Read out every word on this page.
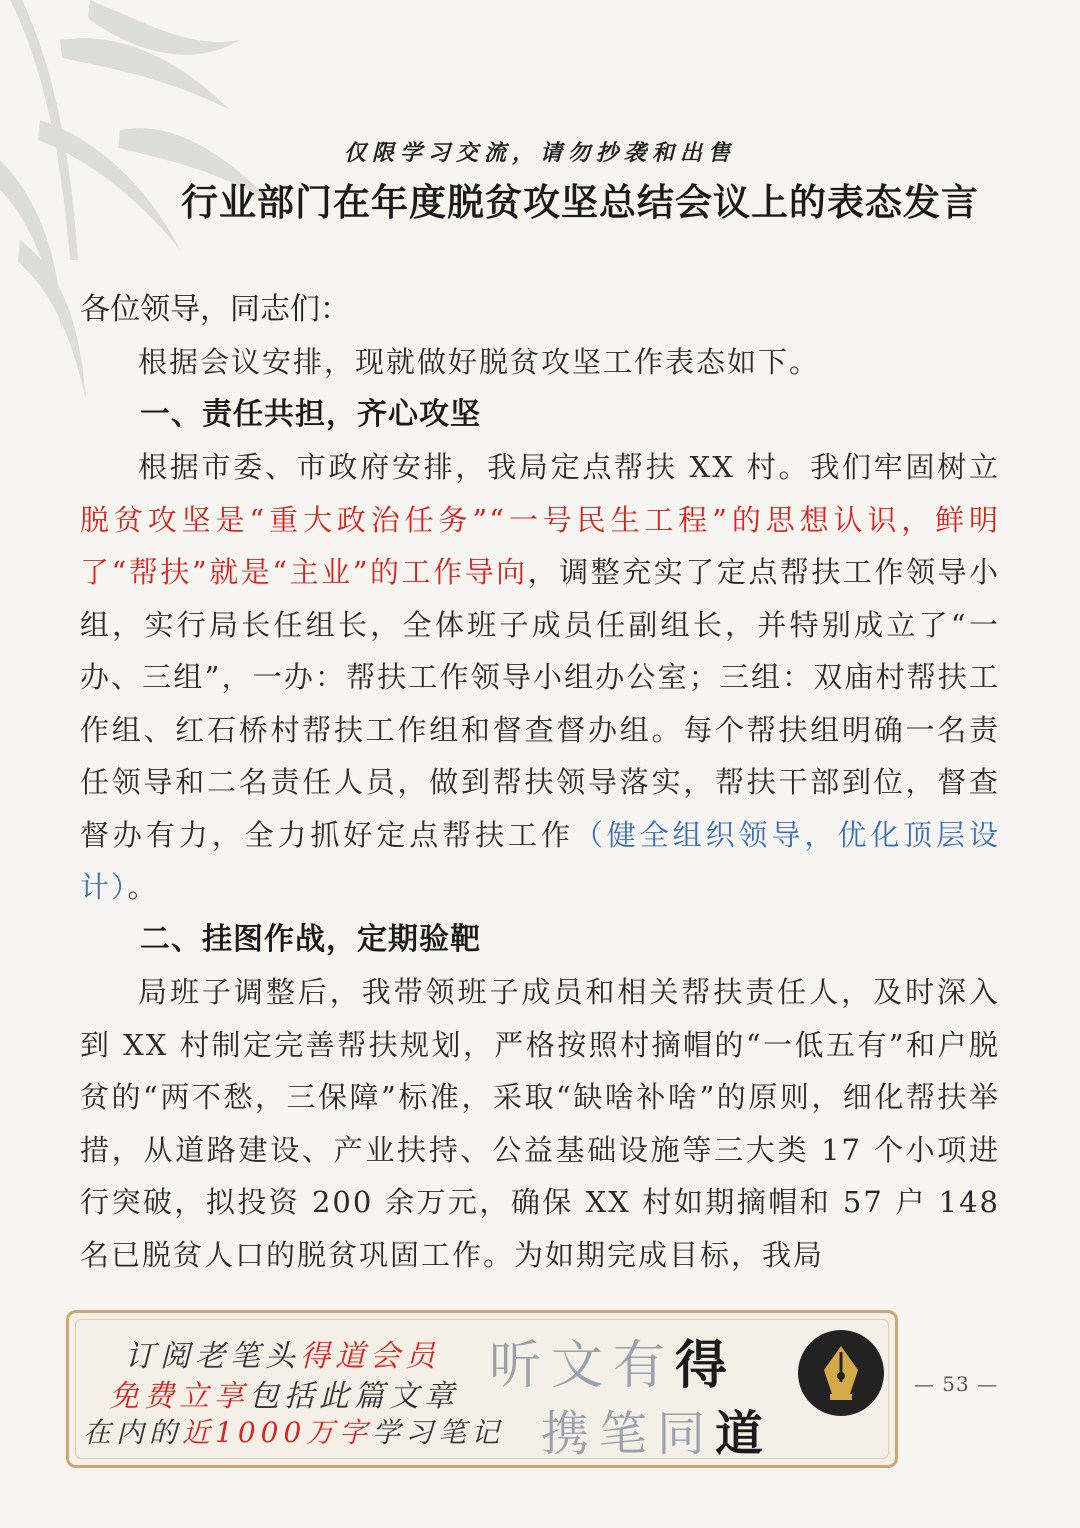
仅限学习交流，请勿抄袭和出售
行业部门在年度脱贫攻坚总结会议上的表态发言
各位领导，同志们：

根据会议安排，现就做好脱贫攻坚工作表态如下。

一、责任共担，齐心攻坚

根据市委、市政府安排，我局定点帮扶 XX 村。我们牢固树立脱贫攻坚是“重大政治任务”“一号民生工程”的思想认识，鲜明了“帮扶”就是“主业”的工作导向，调整充实了定点帮扶工作领导小组，实行局长任组长，全体班子成员任副组长，并特别成立了“一办、三组”，一办：帮扶工作领导小组办公室；三组：双庙村帮扶工作组、红石桥村帮扶工作组和督查督办组。每个帮扶组明确一名责任领导和二名责任人员，做到帮扶领导落实，帮扶干部到位，督查督办有力，全力抓好定点帮扶工作（健全组织领导，优化顶层设计）。

二、挂图作战，定期验靶

局班子调整后，我带领班子成员和相关帮扶责任人，及时深入到 XX 村制定完善帮扶规划，严格按照村摘帽的“一低五有”和户脱贫的“两不愁，三保障”标准，采取“缺啥补啥”的原则，细化帮扶举措，从道路建设、产业扶持、公益基础设施等三大类 17 个小项进行突破，拟投资 200 余万元，确保 XX 村如期摘帽和 57 户 148 名已脱贫人口的脱贫巩固工作。为如期完成目标，我局

订阅老笔头得道会员
免费立享包括此篇文章
在内的近1000万字学习笔记
听文有得
携笔同道
— 53 —
